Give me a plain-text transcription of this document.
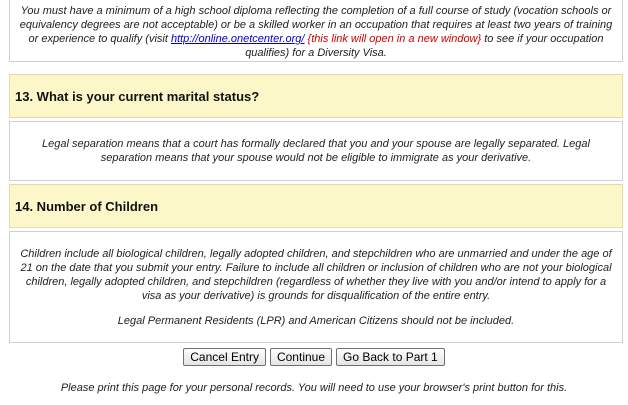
You must have a minimum of a high school diploma reflecting the completion of a full course of study (vocation schools or equivalency degrees are not acceptable) or be a skilled worker in an occupation that requires at least two years of training or experience to qualify (visit http://online.onetcenter.org/ {this link will open in a new window} to see if your occupation qualifies) for a Diversity Visa.

13. What is your current marital status?

Legal separation means that a court has formally declared that you and your spouse are legally separated. Legal separation means that your spouse would not be eligible to immigrate as your derivative.

14. Number of Children

Children include all biological children, legally adopted children, and stepchildren who are unmarried and under the age of 21 on the date that you submit your entry. Failure to include all children or inclusion of children who are not your biological children, legally adopted children, and stepchildren (regardless of whether they live with you and/or intend to apply for a visa as your derivative) is grounds for disqualification of the entire entry.

Legal Permanent Residents (LPR) and American Citizens should not be included.

Cancel Entry	Continue	Go Back to Part 1

Please print this page for your personal records. You will need to use your browser's print button for this.
